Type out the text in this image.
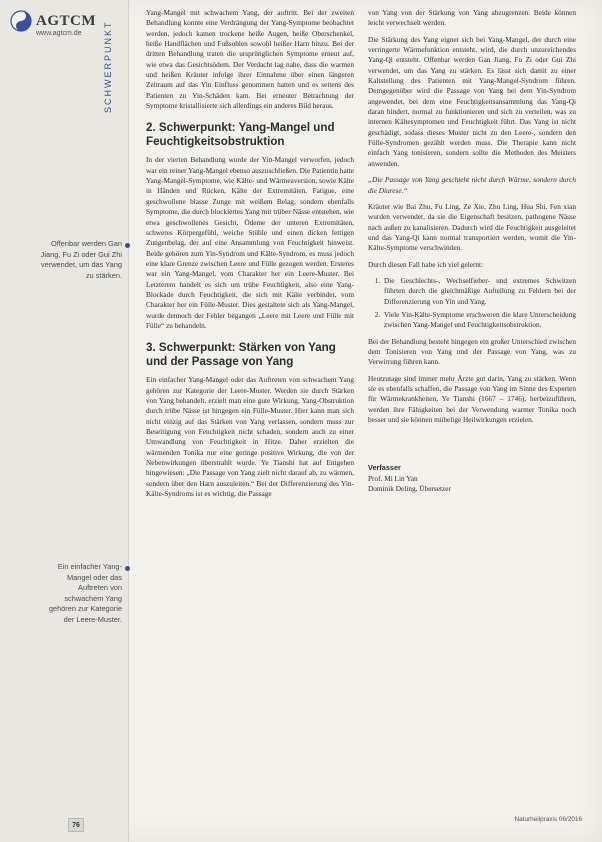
AGTCM
www.agtcm.de	SCHWERPUNKT
Offenbar werden Gan Jiang, Fu Zi oder Gui Zhi verwendet, um das Yang zu stärken.
Ein einfacher Yang-Mangel oder das Auftreten von schwachem Yang gehören zur Kategorie der Leere-Muster.
76

Yang-Mangel mit schwachem Yang, der auftritt. Bei der zweiten Behandlung konnte eine Verdrängung der Yang-Symptome beobachtet werden, jedoch kamen trockene heiße Augen, heiße Oberschenkel, heiße Handflächen und Fußsohlen sowohl heißer Harn hinzu. Bei der dritten Behandlung traten die ursprünglichen Symptome erneut auf, wie etwa das Gesichtsödem. Der Verdacht lag nahe, dass die warmen und heißen Kräuter infolge ihrer Einnahme über einen längeren Zeitraum auf das Yin Einfluss genommen hatten und es seitens des Patienten zu Yin-Schäden kam. Bei erneuter Betrachtung der Symptome kristallisierte sich allerdings ein anderes Bild heraus.

2. Schwerpunkt: Yang-Mangel und Feuchtigkeitsobstruktion

In der vierten Behandlung wurde der Yin-Mangel verworfen, jedoch war ein reiner Yang-Mangel ebenso auszuschließen. Die Patientin hatte Yang-Mangel-Symptome, wie Kälte- und Wärmeaversion, sowie Kälte in Händen und Rücken, Kälte der Extremitäten, Fatigue, eine geschwollene blasse Zunge mit weißem Belag, sondern ebenfalls Symptome, die durch blockiertes Yang mit trüber Nässe entstehen, wie etwa geschwollenes Gesicht, Ödeme der unteren Extremitäten, schweres Körpergefühl, weiche Stühle und einen dicken fettigen Zungenbelag, der auf eine Ansammlung von Feuchtigkeit hinweist. Beide gehören zum Yin-Syndrom und Kälte-Syndrom, es muss jedoch eine klare Grenze zwischen Leere und Fülle gezogen werden. Ersteres war ein Yang-Mangel, vom Charakter her ein Leere-Muster. Bei Letzterem handelt es sich um trübe Feuchtigkeit, also eine Yang-Blockade durch Feuchtigkeit, die sich mit Kälte verbindet, vom Charakter her ein Fülle-Muster. Dies gestaltete sich als Yang-Mangel, wurde dennoch der Fehler begangen „Leere mit Leere und Fülle mit Fülle“ zu behandeln.

3. Schwerpunkt: Stärken von Yang und der Passage von Yang

Ein einfacher Yang-Mangel oder das Auftreten von schwachem Yang gehören zur Kategorie der Leere-Muster. Werden sie durch Stärken von Yang behandelt, erzielt man eine gute Wirkung. Yang-Obstruktion durch trübe Nässe ist hingegen ein Fülle-Muster. Hier kann man sich nicht einzig auf das Stärken von Yang verlassen, sondern muss zur Beseitigung von Feuchtigkeit nicht schaden, sondern auch zu einer Umwandlung von Feuchtigkeit in Hitze. Daher erzielten die wärmenden Tonika nur eine geringe positive Wirkung, die von der Nebenwirkungen überstrahlt wurde. Ye Tianshi hat auf Entgehen hingewiesen: „Die Passage von Yang zielt nicht darauf ab, zu wärmen, sondern über den Harn auszuleiten.“ Bei der Differenzierung des Yin-Kälte-Syndroms ist es wichtig, die Passage

von Yang von der Stärkung von Yang abzugrenzen. Beide können leicht verwechselt werden.

Die Stärkung des Yang eignet sich bei Yang-Mangel, der durch eine verringerte Wärmefunktion entsteht, wird, die durch unzureichendes Yang-Qi entsteht. Offenbar werden Gan Jiang, Fu Zi oder Gui Zhi verwendet, um das Yang zu stärken. Es lässt sich damit zu einer Kaltstellung des Patienten mit Yang-Mangel-Syndrom führen. Demgegenüber wird die Passage von Yang bei dem Yin-Syndrom angewendet, bei dem eine Feuchtigkeitsansammlung das Yang-Qi daran hindert, normal zu funktionieren und sich zu verteilen, was zu internen Kältesymptomen und Feuchtigkeit führt. Das Yang ist nicht geschädigt, sodass dieses Muster nicht zu den Leere-, sondern den Fülle-Syndromen gezählt werden muss. Die Therapie kann nicht einfach Yang tonisieren, sondern sollte die Methoden des Meisters anwenden.

„Die Passage von Yang geschieht nicht durch Wärme, sondern durch die Diurese.“

Kräuter wie Bai Zhu, Fu Ling, Ze Xie, Zhu Ling, Hua Shi, Fen xian wurden verwendet, da sie die Eigenschaft besitzen, pathogene Nässe nach außen zu kanalisieren. Dadurch wird die Feuchtigkeit ausgeleitet und das Yang-Qi kann normal transportiert werden, womit die Yin-Kälte-Symptome verschwinden.

Durch diesen Fall habe ich viel gelernt:

1. Die Geschlechts-, Wechselfieber- und extremes Schwitzen führten durch die gleichmäßige Aufteilung zu Fehlern bei der Differenzierung von Yin und Yang.
2. Viele Yin-Kälte-Symptome erschweren die klare Unterscheidung zwischen Yang-Mangel und Feuchtigkeitsobstruktion.

Bei der Behandlung besteht hingegen ein großer Unterschied zwischen dem Tonisieren von Yang und der Passage von Yang, was zu Verwirrung führen kann.

Heutzutage sind immer mehr Ärzte gut darin, Yang zu stärken. Wenn sie es ebenfalls schaffen, die Passage von Yang im Sinne des Experten für Wärmekrankheiten, Ye Tianshi (1667 – 1746), herbeizuführen, werden ihre Fähigkeiten bei der Verwendung warmer Tonika noch besser und sie können mühelige Heilwirkungen erzielen.

Verfasser
Prof. Mi Lin Yan
Dominik Deling, Übersetzer
Naturheilpraxis 06/2016
